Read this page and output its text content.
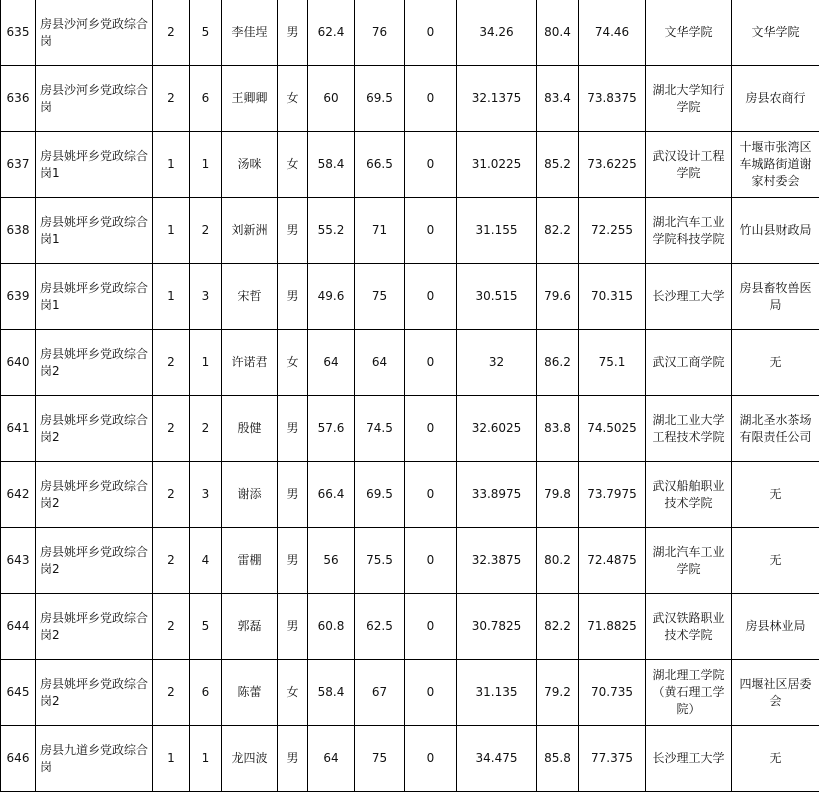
635	房县沙河乡党政综合岗	2	5	李佳埕	男	62.4	76	0	34.26	80.4	74.46	文华学院	文华学院
636	房县沙河乡党政综合岗	2	6	王卿卿	女	60	69.5	0	32.1375	83.4	73.8375	湖北大学知行学院	房县农商行
637	房县姚坪乡党政综合岗1	1	1	汤咪	女	58.4	66.5	0	31.0225	85.2	73.6225	武汉设计工程学院	十堰市张湾区车城路街道谢家村委会
638	房县姚坪乡党政综合岗1	1	2	刘新洲	男	55.2	71	0	31.155	82.2	72.255	湖北汽车工业学院科技学院	竹山县财政局
639	房县姚坪乡党政综合岗1	1	3	宋哲	男	49.6	75	0	30.515	79.6	70.315	长沙理工大学	房县畜牧兽医局
640	房县姚坪乡党政综合岗2	2	1	许诺君	女	64	64	0	32	86.2	75.1	武汉工商学院	无
641	房县姚坪乡党政综合岗2	2	2	殷健	男	57.6	74.5	0	32.6025	83.8	74.5025	湖北工业大学工程技术学院	湖北圣水茶场有限责任公司
642	房县姚坪乡党政综合岗2	2	3	谢添	男	66.4	69.5	0	33.8975	79.8	73.7975	武汉船舶职业技术学院	无
643	房县姚坪乡党政综合岗2	2	4	雷棚	男	56	75.5	0	32.3875	80.2	72.4875	湖北汽车工业学院	无
644	房县姚坪乡党政综合岗2	2	5	郭磊	男	60.8	62.5	0	30.7825	82.2	71.8825	武汉铁路职业技术学院	房县林业局
645	房县姚坪乡党政综合岗2	2	6	陈蕾	女	58.4	67	0	31.135	79.2	70.735	湖北理工学院（黄石理工学院）	四堰社区居委会
646	房县九道乡党政综合岗	1	1	龙四波	男	64	75	0	34.475	85.8	77.375	长沙理工大学	无
